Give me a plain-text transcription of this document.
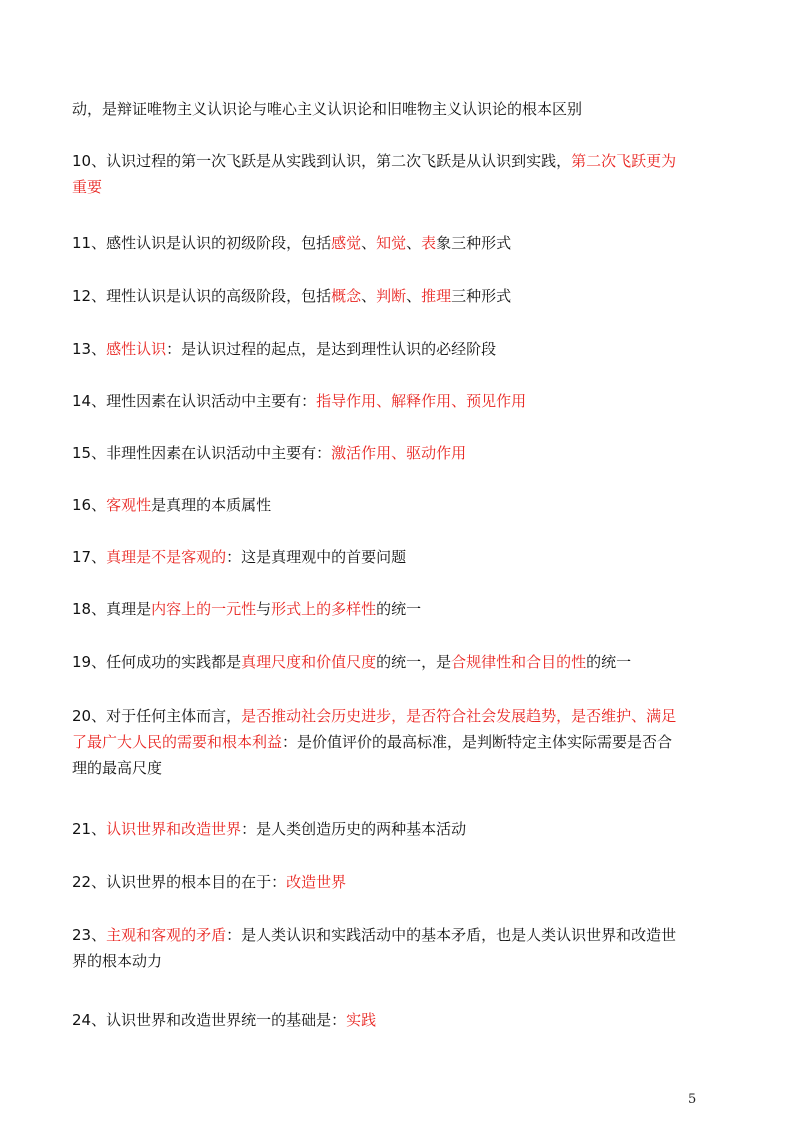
动，是辩证唯物主义认识论与唯心主义认识论和旧唯物主义认识论的根本区别
10、认识过程的第一次飞跃是从实践到认识，第二次飞跃是从认识到实践，第二次飞跃更为
重要
11、感性认识是认识的初级阶段，包括感觉、知觉、表象三种形式
12、理性认识是认识的高级阶段，包括概念、判断、推理三种形式
13、感性认识：是认识过程的起点，是达到理性认识的必经阶段
14、理性因素在认识活动中主要有：指导作用、解释作用、预见作用
15、非理性因素在认识活动中主要有：激活作用、驱动作用
16、客观性是真理的本质属性
17、真理是不是客观的：这是真理观中的首要问题
18、真理是内容上的一元性与形式上的多样性的统一
19、任何成功的实践都是真理尺度和价值尺度的统一，是合规律性和合目的性的统一
20、对于任何主体而言，是否推动社会历史进步，是否符合社会发展趋势，是否维护、满足
了最广大人民的需要和根本利益：是价值评价的最高标准，是判断特定主体实际需要是否合
理的最高尺度
21、认识世界和改造世界：是人类创造历史的两种基本活动
22、认识世界的根本目的在于：改造世界
23、主观和客观的矛盾：是人类认识和实践活动中的基本矛盾，也是人类认识世界和改造世
界的根本动力
24、认识世界和改造世界统一的基础是：实践
5
